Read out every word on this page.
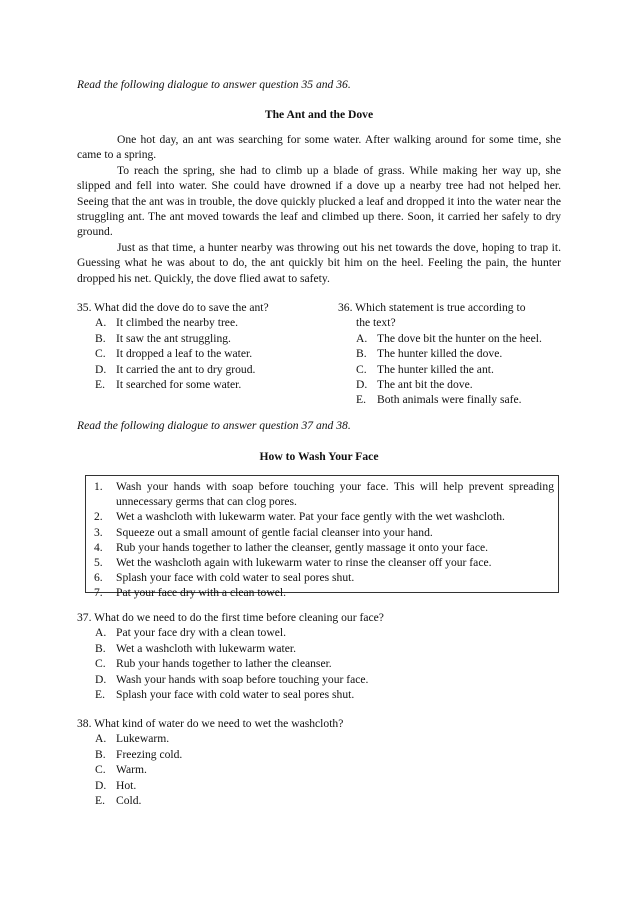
Read the following dialogue to answer question 35 and 36.
The Ant and the Dove

One hot day, an ant was searching for some water. After walking around for some time, she came to a spring.

To reach the spring, she had to climb up a blade of grass. While making her way up, she slipped and fell into water. She could have drowned if a dove up a nearby tree had not helped her. Seeing that the ant was in trouble, the dove quickly plucked a leaf and dropped it into the water near the struggling ant. The ant moved towards the leaf and climbed up there. Soon, it carried her safely to dry ground.

Just as that time, a hunter nearby was throwing out his net towards the dove, hoping to trap it. Guessing what he was about to do, the ant quickly bit him on the heel. Feeling the pain, the hunter dropped his net. Quickly, the dove flied awat to safety.

35. What did the dove do to save the ant?
A. It climbed the nearby tree.
B. It saw the ant struggling.
C. It dropped a leaf to the water.
D. It carried the ant to dry groud.
E. It searched for some water.
36. Which statement is true according to
the text?
A. The dove bit the hunter on the heel.
B. The hunter killed the dove.
C. The hunter killed the ant.
D. The ant bit the dove.
E. Both animals were finally safe.
Read the following dialogue to answer question 37 and 38.
How to Wash Your Face
1. Wash your hands with soap before touching your face. This will help prevent spreading unnecessary germs that can clog pores.
2. Wet a washcloth with lukewarm water. Pat your face gently with the wet washcloth.
3. Squeeze out a small amount of gentle facial cleanser into your hand.
4. Rub your hands together to lather the cleanser, gently massage it onto your face.
5. Wet the washcloth again with lukewarm water to rinse the cleanser off your face.
6. Splash your face with cold water to seal pores shut.
7. Pat your face dry with a clean towel.
37. What do we need to do the first time before cleaning our face?
A. Pat your face dry with a clean towel.
B. Wet a washcloth with lukewarm water.
C. Rub your hands together to lather the cleanser.
D. Wash your hands with soap before touching your face.
E. Splash your face with cold water to seal pores shut.
38. What kind of water do we need to wet the washcloth?
A. Lukewarm.
B. Freezing cold.
C. Warm.
D. Hot.
E. Cold.
